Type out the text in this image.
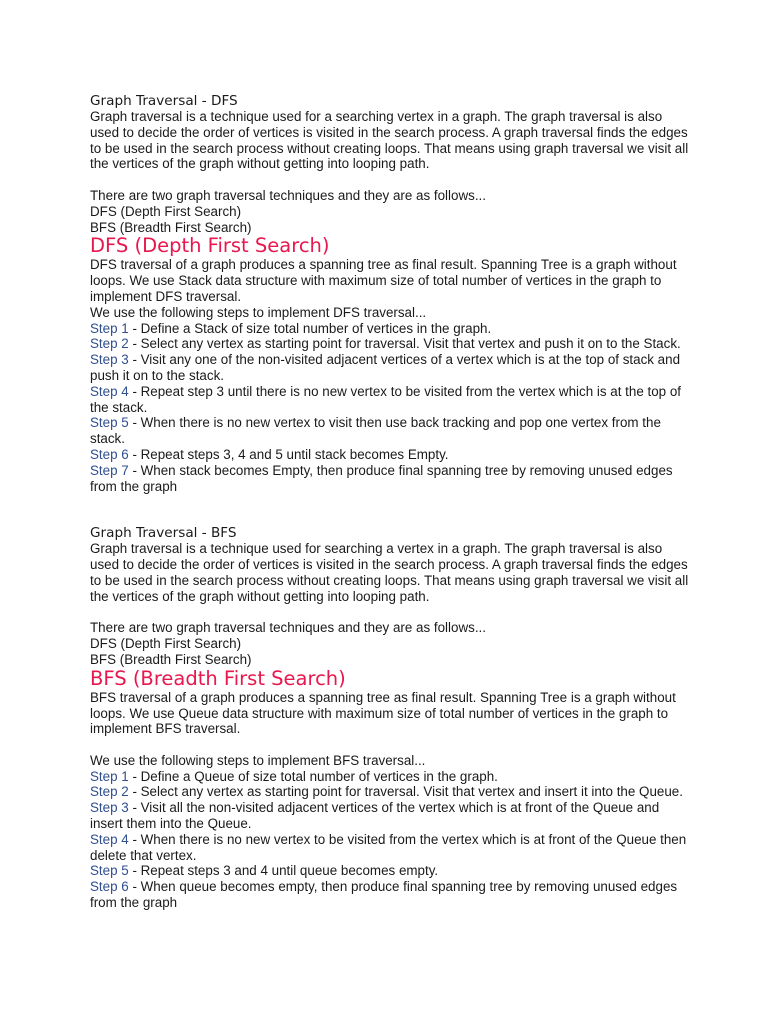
Graph Traversal - DFS

Graph traversal is a technique used for a searching vertex in a graph. The graph traversal is also used to decide the order of vertices is visited in the search process. A graph traversal finds the edges to be used in the search process without creating loops. That means using graph traversal we visit all the vertices of the graph without getting into looping path.

There are two graph traversal techniques and they are as follows...

DFS (Depth First Search)

BFS (Breadth First Search)

DFS (Depth First Search)

DFS traversal of a graph produces a spanning tree as final result. Spanning Tree is a graph without loops. We use Stack data structure with maximum size of total number of vertices in the graph to implement DFS traversal.

We use the following steps to implement DFS traversal...

Step 1 - Define a Stack of size total number of vertices in the graph.

Step 2 - Select any vertex as starting point for traversal. Visit that vertex and push it on to the Stack.

Step 3 - Visit any one of the non-visited adjacent vertices of a vertex which is at the top of stack and push it on to the stack.

Step 4 - Repeat step 3 until there is no new vertex to be visited from the vertex which is at the top of the stack.

Step 5 - When there is no new vertex to visit then use back tracking and pop one vertex from the stack.

Step 6 - Repeat steps 3, 4 and 5 until stack becomes Empty.

Step 7 - When stack becomes Empty, then produce final spanning tree by removing unused edges from the graph

Graph Traversal - BFS

Graph traversal is a technique used for searching a vertex in a graph. The graph traversal is also used to decide the order of vertices is visited in the search process. A graph traversal finds the edges to be used in the search process without creating loops. That means using graph traversal we visit all the vertices of the graph without getting into looping path.

There are two graph traversal techniques and they are as follows...

DFS (Depth First Search)

BFS (Breadth First Search)

BFS (Breadth First Search)

BFS traversal of a graph produces a spanning tree as final result. Spanning Tree is a graph without loops. We use Queue data structure with maximum size of total number of vertices in the graph to implement BFS traversal.

We use the following steps to implement BFS traversal...

Step 1 - Define a Queue of size total number of vertices in the graph.

Step 2 - Select any vertex as starting point for traversal. Visit that vertex and insert it into the Queue.

Step 3 - Visit all the non-visited adjacent vertices of the vertex which is at front of the Queue and insert them into the Queue.

Step 4 - When there is no new vertex to be visited from the vertex which is at front of the Queue then delete that vertex.

Step 5 - Repeat steps 3 and 4 until queue becomes empty.

Step 6 - When queue becomes empty, then produce final spanning tree by removing unused edges from the graph
